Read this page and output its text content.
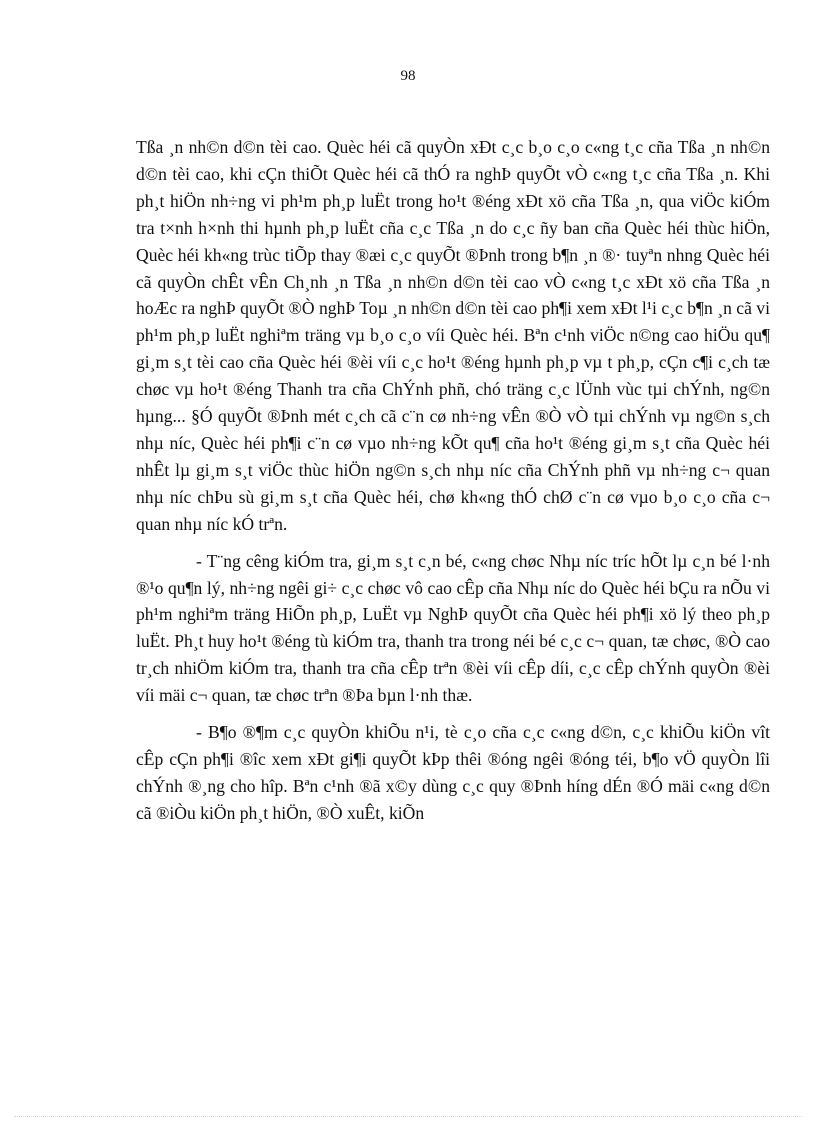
98

Tßa ¸n nh©n d©n tèi cao. Quèc héi cã quyÒn xÐt c¸c b¸o c¸o c«ng t¸c cña Tßa ¸n nh©n d©n tèi cao, khi cÇn thiÕt Quèc héi cã thÓ ra nghÞ quyÕt vÒ c«ng t¸c cña Tßa ¸n. Khi ph¸t hiÖn nh÷ng vi ph¹m ph¸p luËt trong ho¹t ®éng xÐt xö cña Tßa ¸n, qua viÖc kiÓm tra t×nh h×nh thi hµnh ph¸p luËt cña c¸c Tßa ¸n do c¸c ñy ban cña Quèc héi thùc hiÖn, Quèc héi kh«ng trùc tiÕp thay ®æi c¸c quyÕt ®Þnh trong b¶n ¸n ®· tuyªn nhng Quèc héi cã quyÒn chÊt vÊn Ch¸nh ¸n Tßa ¸n nh©n d©n tèi cao vÒ c«ng t¸c xÐt xö cña Tßa ¸n hoÆc ra nghÞ quyÕt ®Ò nghÞ Toµ ¸n nh©n d©n tèi cao ph¶i xem xÐt l¹i c¸c b¶n ¸n cã vi ph¹m ph¸p luËt nghiªm träng vµ b¸o c¸o víi Quèc héi. Bªn c¹nh viÖc n©ng cao hiÖu qu¶ gi¸m s¸t tèi cao cña Quèc héi ®èi víi c¸c ho¹t ®éng hµnh ph¸p vµ t ph¸p, cÇn c¶i c¸ch tæ chøc vµ ho¹t ®éng Thanh tra cña ChÝnh phñ, chó träng c¸c lÜnh vùc tµi chÝnh, ng©n hµng... §Ó quyÕt ®Þnh mét c¸ch cã c¨n cø nh÷ng vÊn ®Ò vÒ tµi chÝnh vµ ng©n s¸ch nhµ níc, Quèc héi ph¶i c¨n cø vµo nh÷ng kÕt qu¶ cña ho¹t ®éng gi¸m s¸t cña Quèc héi nhÊt lµ gi¸m s¸t viÖc thùc hiÖn ng©n s¸ch nhµ níc cña ChÝnh phñ vµ nh÷ng c¬ quan nhµ níc chÞu sù gi¸m s¸t cña Quèc héi, chø kh«ng thÓ chØ c¨n cø vµo b¸o c¸o cña c¬ quan nhµ níc kÓ trªn.

- T¨ng cêng kiÓm tra, gi¸m s¸t c¸n bé, c«ng chøc Nhµ níc tríc hÕt lµ c¸n bé l·nh ®¹o qu¶n lý, nh÷ng ngêi gi÷ c¸c chøc vô cao cÊp cña Nhµ níc do Quèc héi bÇu ra nÕu vi ph¹m nghiªm träng HiÕn ph¸p, LuËt vµ NghÞ quyÕt cña Quèc héi ph¶i xö lý theo ph¸p luËt. Ph¸t huy ho¹t ®éng tù kiÓm tra, thanh tra trong néi bé c¸c c¬ quan, tæ chøc, ®Ò cao tr¸ch nhiÖm kiÓm tra, thanh tra cña cÊp trªn ®èi víi cÊp díi, c¸c cÊp chÝnh quyÒn ®èi víi mäi c¬ quan, tæ chøc trªn ®Þa bµn l·nh thæ.

- B¶o ®¶m c¸c quyÒn khiÕu n¹i, tè c¸o cña c¸c c«ng d©n, c¸c khiÕu kiÖn vît cÊp cÇn ph¶i ®îc xem xÐt gi¶i quyÕt kÞp thêi ®óng ngêi ®óng téi, b¶o vÖ quyÒn lîi chÝnh ®¸ng cho hîp. Bªn c¹nh ®ã x©y dùng c¸c quy ®Þnh híng dÉn ®Ó mäi c«ng d©n cã ®iÒu kiÖn ph¸t hiÖn, ®Ò xuÊt, kiÕn
